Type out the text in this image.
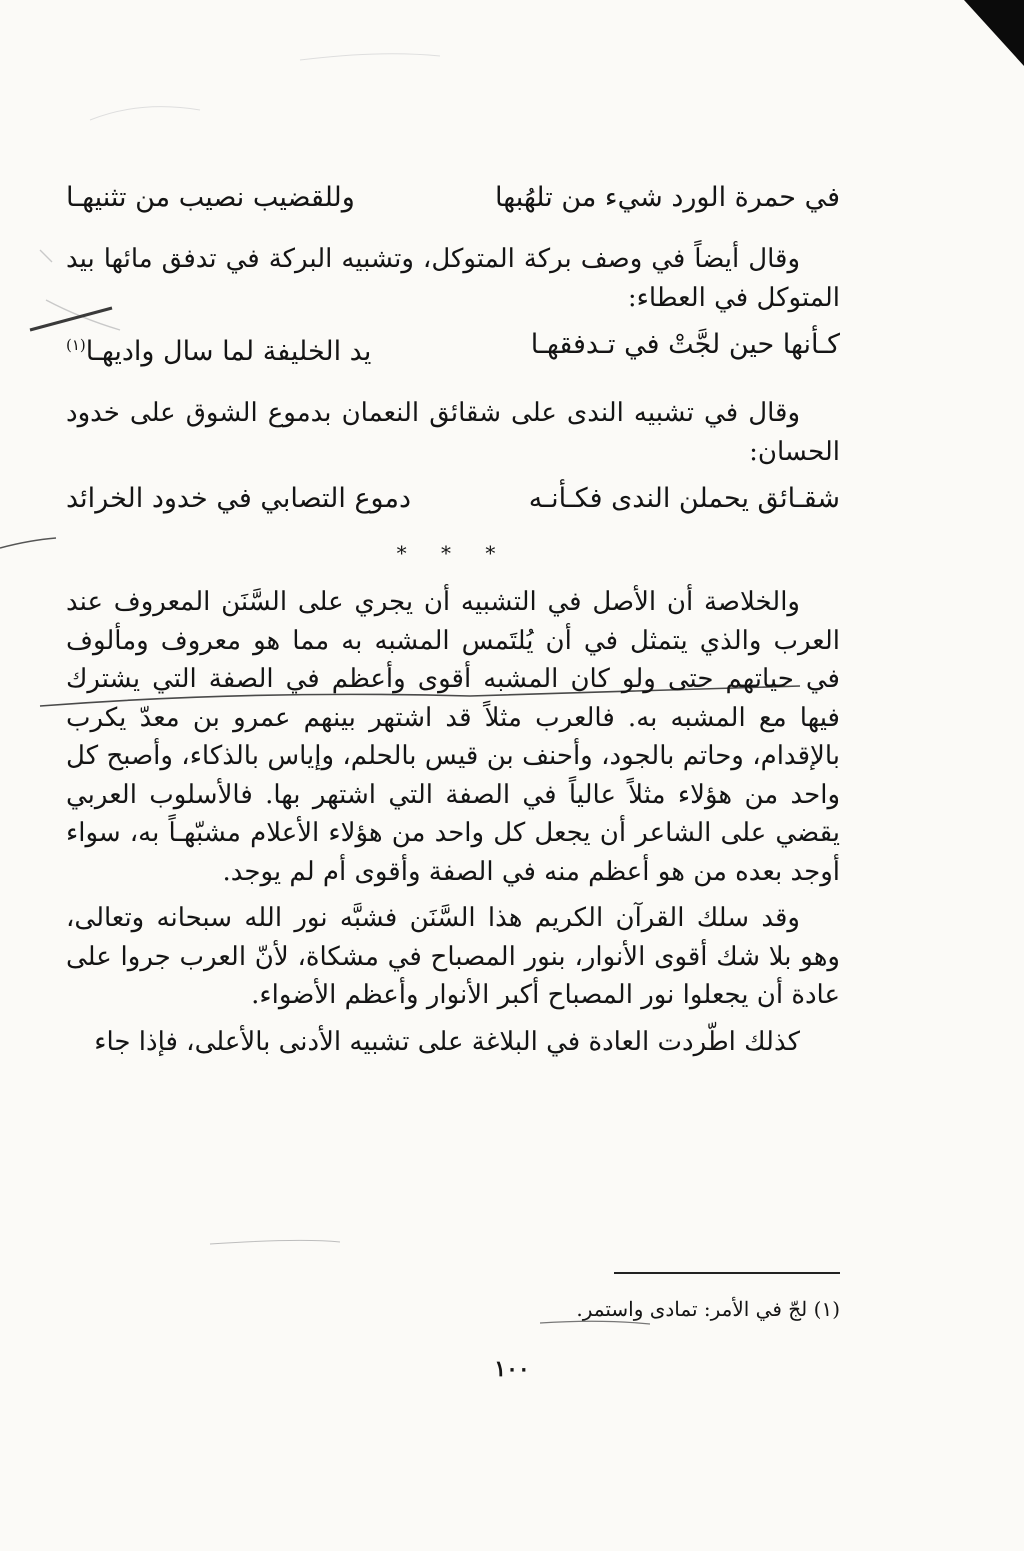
في حمرة الورد شيء من تلهُبها
وللقضيب نصيب من تثنيهـا

وقال أيضاً في وصف بركة المتوكل، وتشبيه البركة في تدفق مائها بيد المتوكل في العطاء:

كـأنها حين لجَّتْ في تـدفقهـا
يد الخليفة لما سال واديهـا$^{(١)}$

وقال في تشبيه الندى على شقائق النعمان بدموع الشوق على خدود الحسان:

شقـائق يحملن الندى فكـأنـه
دموع التصابي في خدود الخرائد
* * *

والخلاصة أن الأصل في التشبيه أن يجري على السَّنَن المعروف عند العرب والذي يتمثل في أن يُلتَمس المشبه به مما هو معروف ومألوف في حياتهم حتى ولو كان المشبه أقوى وأعظم في الصفة التي يشترك فيها مع المشبه به. فالعرب مثلاً قد اشتهر بينهم عمرو بن معدّ يكرب بالإقدام، وحاتم بالجود، وأحنف بن قيس بالحلم، وإياس بالذكاء، وأصبح كل واحد من هؤلاء مثلاً عالياً في الصفة التي اشتهر بها. فالأسلوب العربي يقضي على الشاعر أن يجعل كل واحد من هؤلاء الأعلام مشبّهـاً به، سواء أوجد بعده من هو أعظم منه في الصفة وأقوى أم لم يوجد.

وقد سلك القرآن الكريم هذا السَّنَن فشبَّه نور الله سبحانه وتعالى، وهو بلا شك أقوى الأنوار، بنور المصباح في مشكاة، لأنّ العرب جروا على عادة أن يجعلوا نور المصباح أكبر الأنوار وأعظم الأضواء.

كذلك اطّردت العادة في البلاغة على تشبيه الأدنى بالأعلى، فإذا جاء

(١) لجّ في الأمر: تمادى واستمر.
١٠٠
